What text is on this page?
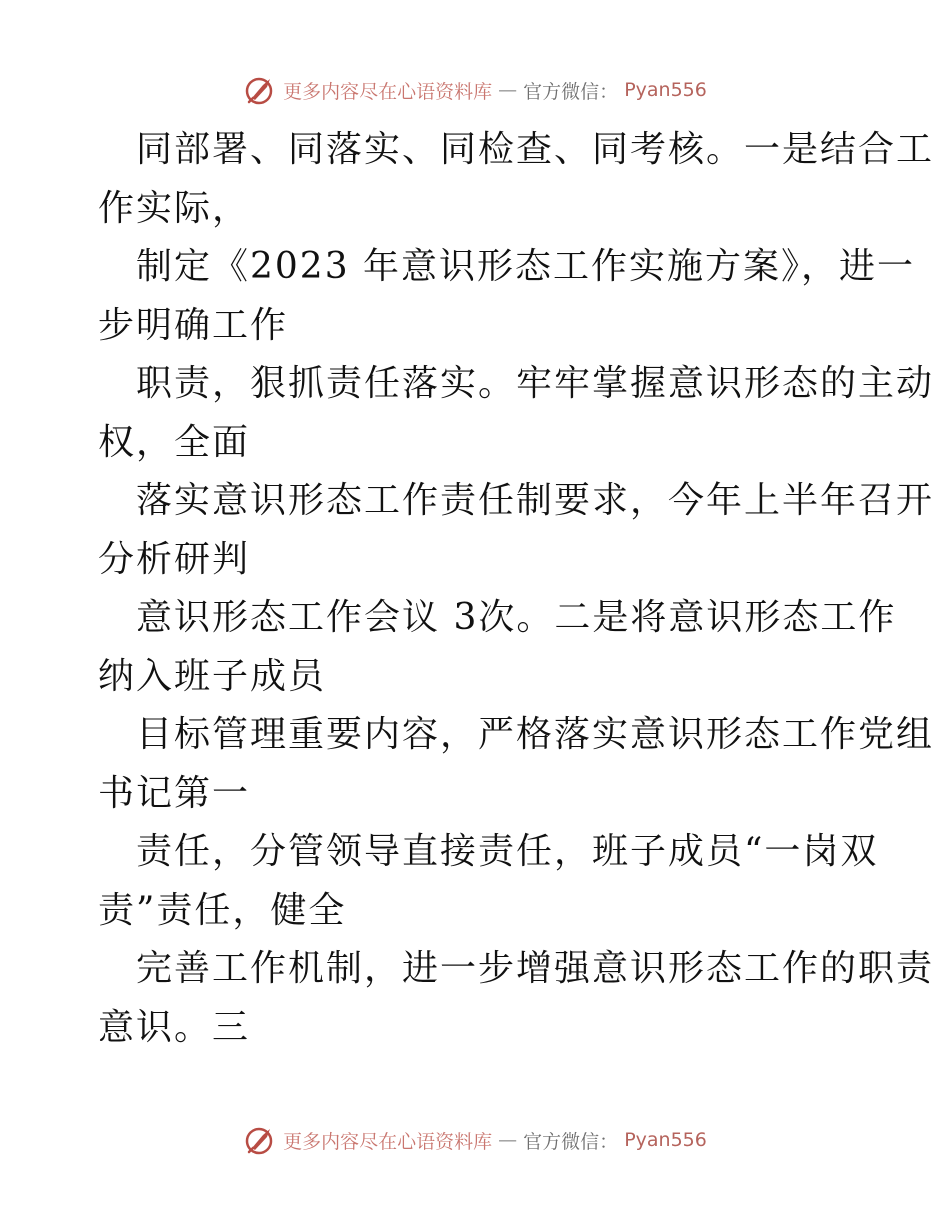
更多内容尽在心语资料库 — 官方微信： Pyan556
同部署、同落实、同检查、同考核。一是结合工
作实际，
制定《2023 年意识形态工作实施方案》，进一
步明确工作
职责，狠抓责任落实。牢牢掌握意识形态的主动
权，全面
落实意识形态工作责任制要求，今年上半年召开
分析研判
意识形态工作会议 3次。二是将意识形态工作
纳入班子成员
目标管理重要内容，严格落实意识形态工作党组
书记第一
责任，分管领导直接责任，班子成员“一岗双
责”责任，健全
完善工作机制，进一步增强意识形态工作的职责
意识。三
更多内容尽在心语资料库 — 官方微信： Pyan556
